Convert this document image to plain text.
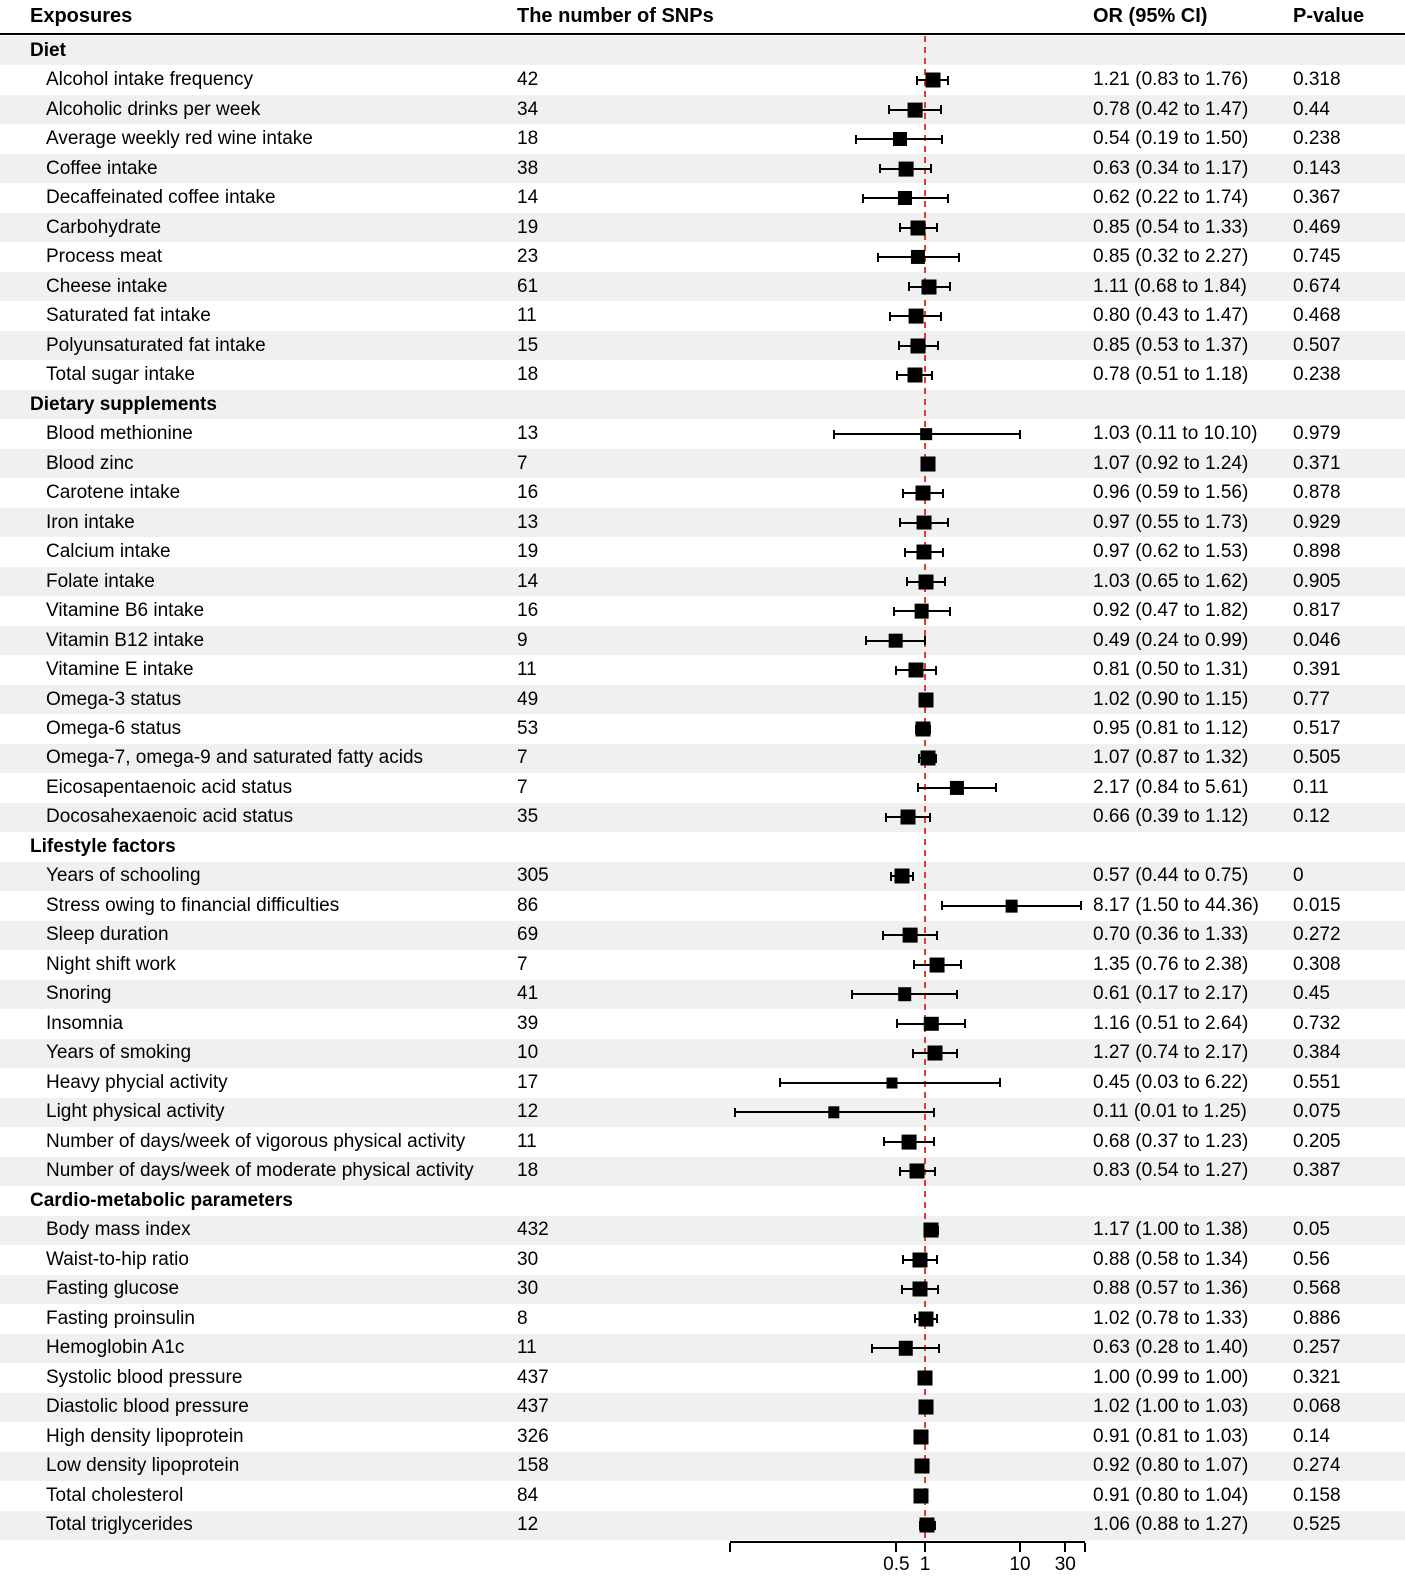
Exposures	The number of SNPs	OR (95% CI)	P-value
Diet
Alcohol intake frequency	42	1.21 (0.83 to 1.76) 0.318
Alcoholic drinks per week	34	0.78 (0.42 to 1.47) 0.44
Average weekly red wine intake	18	0.54 (0.19 to 1.50) 0.238
Coffee intake	38	0.63 (0.34 to 1.17) 0.143
Decaffeinated coffee intake	14	0.62 (0.22 to 1.74) 0.367
Carbohydrate	19	0.85 (0.54 to 1.33) 0.469
Process meat	23	0.85 (0.32 to 2.27) 0.745
Cheese intake	61	1.11 (0.68 to 1.84) 0.674
Saturated fat intake	11	0.80 (0.43 to 1.47) 0.468
Polyunsaturated fat intake	15	0.85 (0.53 to 1.37) 0.507
Total sugar intake	18	0.78 (0.51 to 1.18) 0.238
Dietary supplements
Blood methionine	13	1.03 (0.11 to 10.10) 0.979
Blood zinc	7	1.07 (0.92 to 1.24) 0.371
Carotene intake	16	0.96 (0.59 to 1.56) 0.878
Iron intake	13	0.97 (0.55 to 1.73) 0.929
Calcium intake	19	0.97 (0.62 to 1.53) 0.898
Folate intake	14	1.03 (0.65 to 1.62) 0.905
Vitamine B6 intake	16	0.92 (0.47 to 1.82) 0.817
Vitamin B12 intake	9	0.49 (0.24 to 0.99) 0.046
Vitamine E intake	11	0.81 (0.50 to 1.31) 0.391
Omega-3 status	49	1.02 (0.90 to 1.15) 0.77
Omega-6 status	53	0.95 (0.81 to 1.12) 0.517
Omega-7, omega-9 and saturated fatty acids	7	1.07 (0.87 to 1.32) 0.505
Eicosapentaenoic acid status	7	2.17 (0.84 to 5.61) 0.11
Docosahexaenoic acid status	35	0.66 (0.39 to 1.12) 0.12
Lifestyle factors
Years of schooling	305	0.57 (0.44 to 0.75) 0
Stress owing to financial difficulties	86	8.17 (1.50 to 44.36) 0.015
Sleep duration	69	0.70 (0.36 to 1.33) 0.272
Night shift work	7	1.35 (0.76 to 2.38) 0.308
Snoring	41	0.61 (0.17 to 2.17) 0.45
Insomnia	39	1.16 (0.51 to 2.64) 0.732
Years of smoking	10	1.27 (0.74 to 2.17) 0.384
Heavy phycial activity	17	0.45 (0.03 to 6.22) 0.551
Light physical activity	12	0.11 (0.01 to 1.25) 0.075
Number of days/week of vigorous physical activity	11	0.68 (0.37 to 1.23) 0.205
Number of days/week of moderate physical activity 18	0.83 (0.54 to 1.27) 0.387
Cardio-metabolic parameters
Body mass index	432	1.17 (1.00 to 1.38) 0.05
Waist-to-hip ratio	30	0.88 (0.58 to 1.34) 0.56
Fasting glucose	30	0.88 (0.57 to 1.36) 0.568
Fasting proinsulin	8	1.02 (0.78 to 1.33) 0.886
Hemoglobin A1c	11	0.63 (0.28 to 1.40) 0.257
Systolic blood pressure	437	1.00 (0.99 to 1.00) 0.321
Diastolic blood pressure	437	1.02 (1.00 to 1.03) 0.068
High density lipoprotein	326	0.91 (0.81 to 1.03) 0.14
Low density lipoprotein	158	0.92 (0.80 to 1.07) 0.274
Total cholesterol	84	0.91 (0.80 to 1.04) 0.158
Total triglycerides	12	1.06 (0.88 to 1.27) 0.525
0.5 1	10 30
